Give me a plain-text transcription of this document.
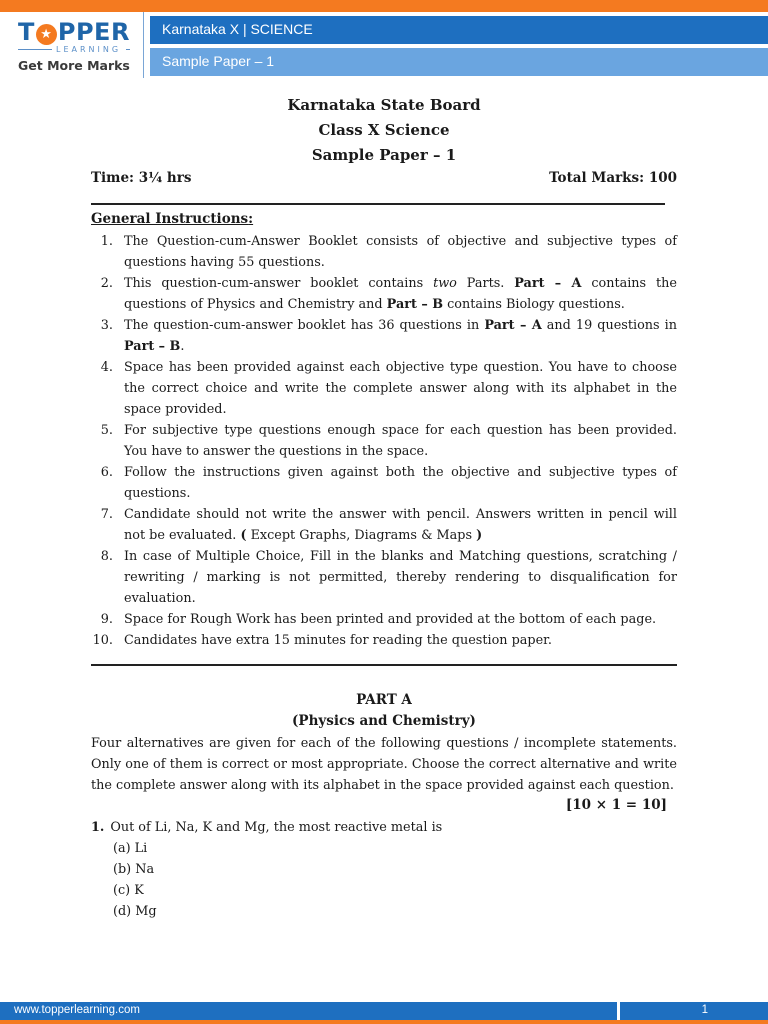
T ★ PPER
LEARNING
Get More Marks
Karnataka X | SCIENCE
Sample Paper – 1
Karnataka State Board
Class X Science
Sample Paper – 1
Time: 3¼ hrs	Total Marks: 100
General Instructions:
1. The Question-cum-Answer Booklet consists of objective and subjective types of questions having 55 questions.
2. This question-cum-answer booklet contains two Parts. Part – A contains the questions of Physics and Chemistry and Part – B contains Biology questions.
3. The question-cum-answer booklet has 36 questions in Part – A and 19 questions in Part – B.
4. Space has been provided against each objective type question. You have to choose the correct choice and write the complete answer along with its alphabet in the space provided.
5. For subjective type questions enough space for each question has been provided. You have to answer the questions in the space.
6. Follow the instructions given against both the objective and subjective types of questions.
7. Candidate should not write the answer with pencil. Answers written in pencil will not be evaluated. ( Except Graphs, Diagrams & Maps )
8. In case of Multiple Choice, Fill in the blanks and Matching questions, scratching / rewriting / marking is not permitted, thereby rendering to disqualification for evaluation.
9. Space for Rough Work has been printed and provided at the bottom of each page.
10. Candidates have extra 15 minutes for reading the question paper.
PART A
(Physics and Chemistry)

Four alternatives are given for each of the following questions / incomplete statements. Only one of them is correct or most appropriate. Choose the correct alternative and write the complete answer along with its alphabet in the space provided against each question.

[10 × 1 = 10]
1. Out of Li, Na, K and Mg, the most reactive metal is
(a) Li
(b) Na
(c) K
(d) Mg
www.topperlearning.com	1
